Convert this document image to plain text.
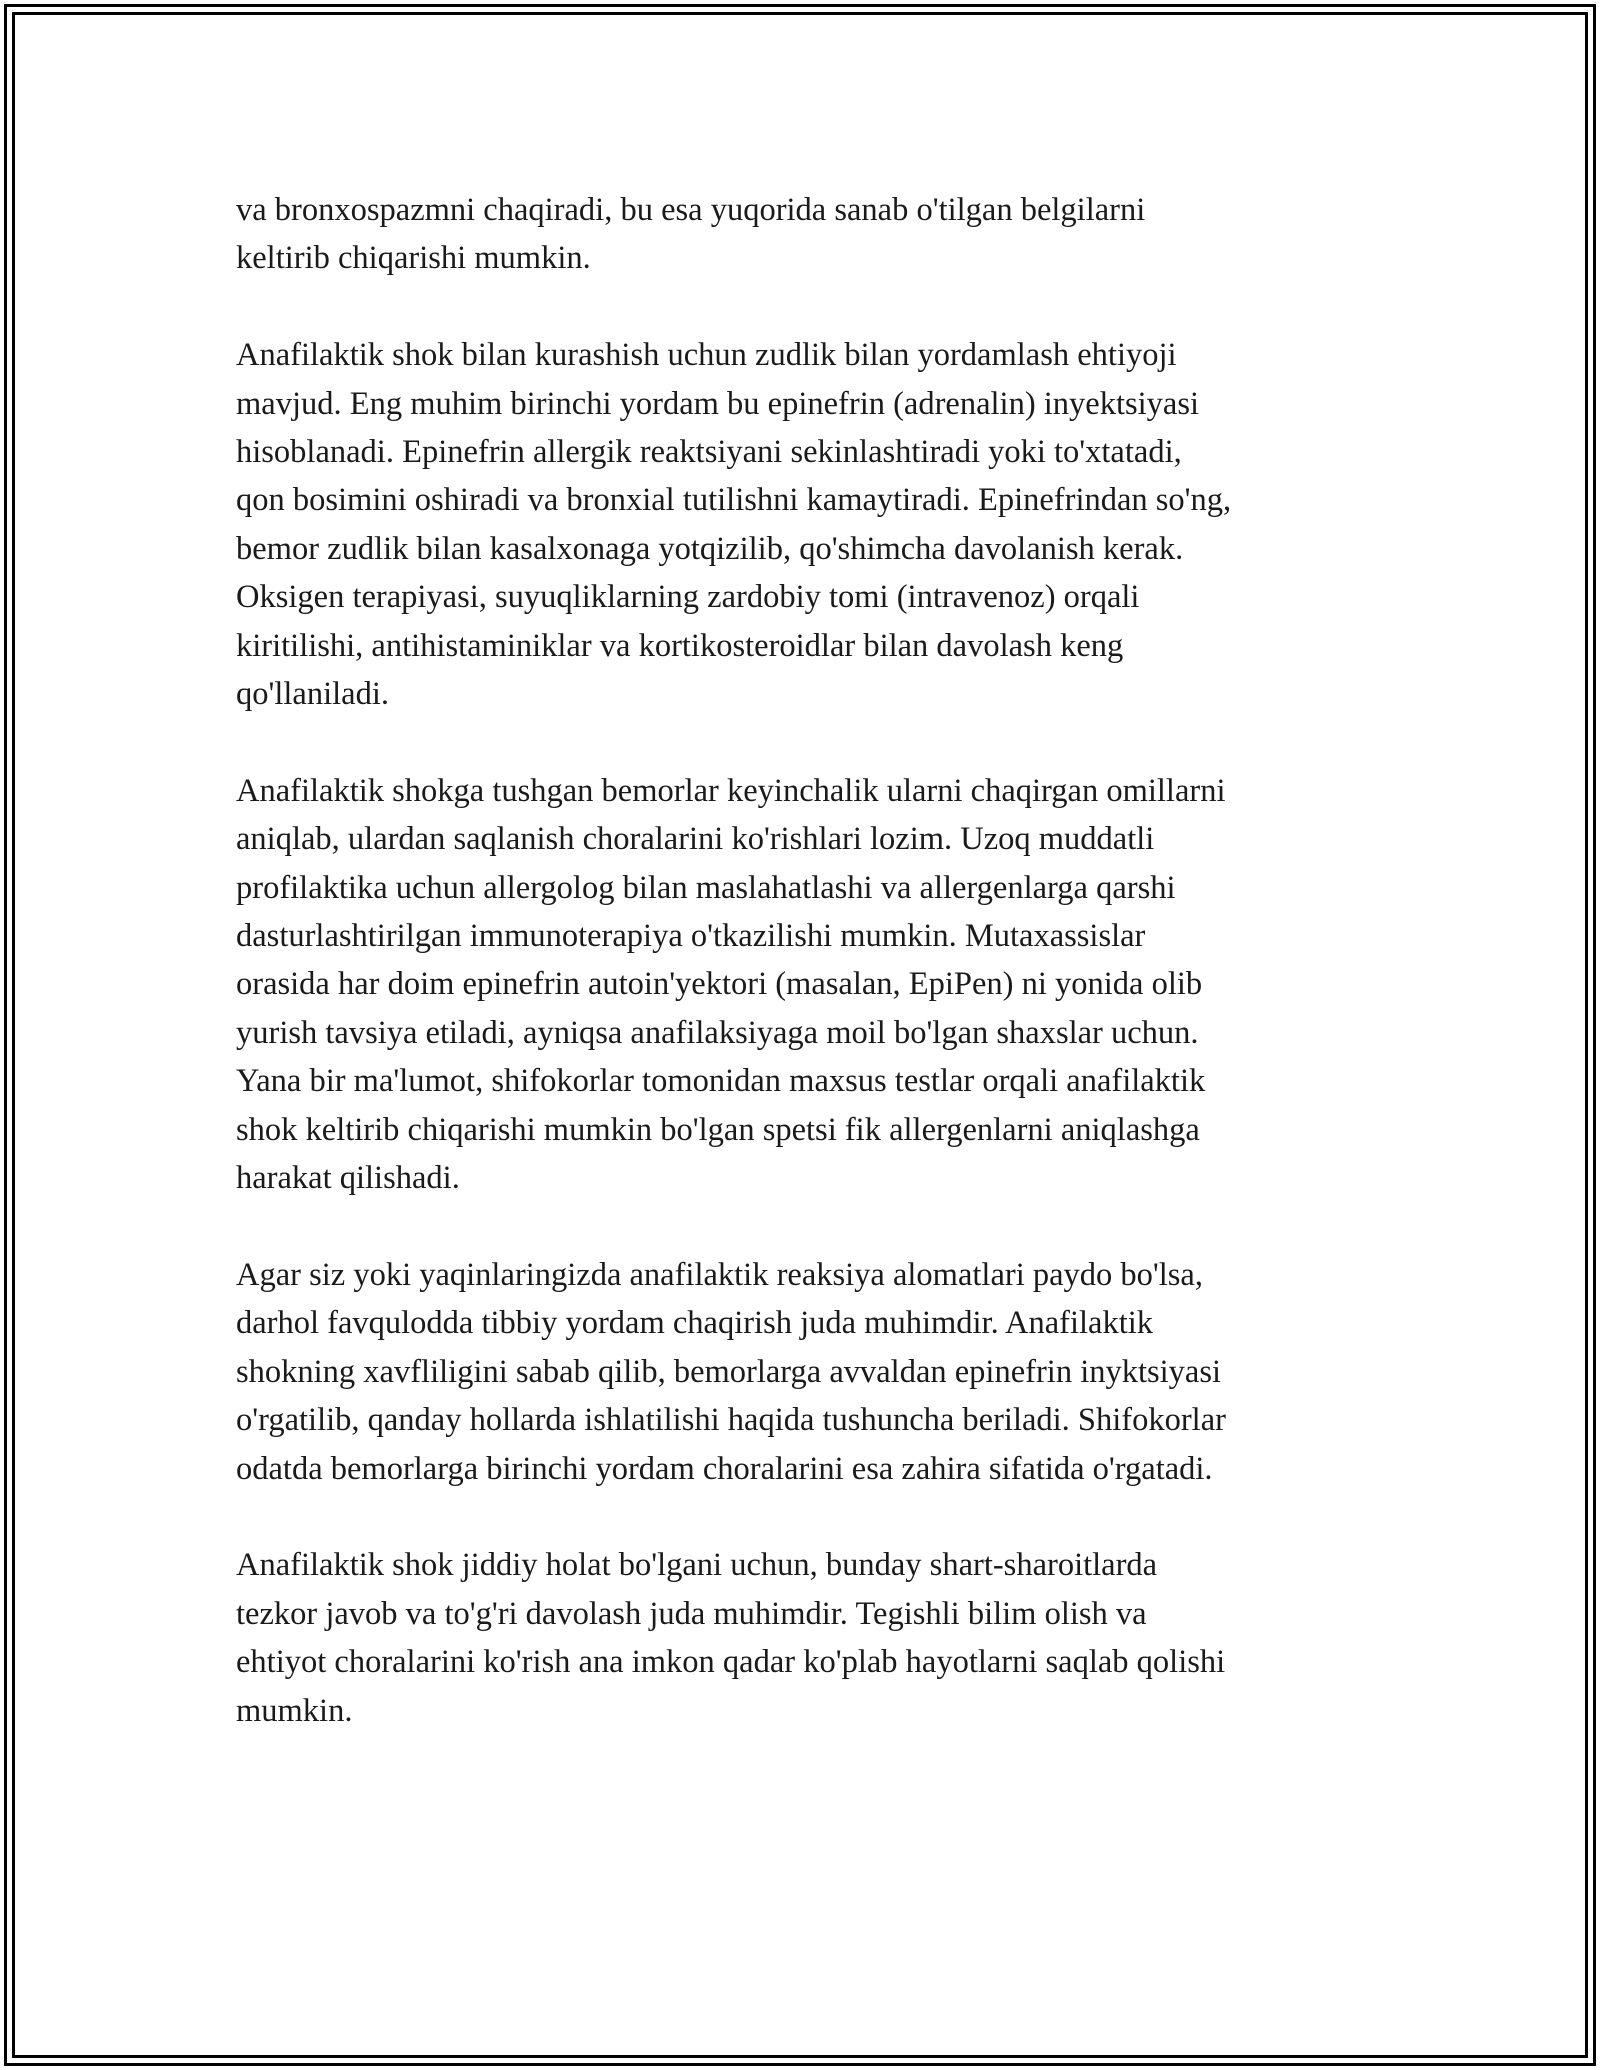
va bronxospazmni chaqiradi, bu esa yuqorida sanab o'tilgan belgilarni
keltirib chiqarishi mumkin.

Anafilaktik shok bilan kurashish uchun zudlik bilan yordamlash ehtiyoji
mavjud. Eng muhim birinchi yordam bu epinefrin (adrenalin) inyektsiyasi
hisoblanadi. Epinefrin allergik reaktsiyani sekinlashtiradi yoki to'xtatadi,
qon bosimini oshiradi va bronxial tutilishni kamaytiradi. Epinefrindan so'ng,
bemor zudlik bilan kasalxonaga yotqizilib, qo'shimcha davolanish kerak.
Oksigen terapiyasi, suyuqliklarning zardobiy tomi (intravenoz) orqali
kiritilishi, antihistaminiklar va kortikosteroidlar bilan davolash keng
qo'llaniladi.

Anafilaktik shokga tushgan bemorlar keyinchalik ularni chaqirgan omillarni
aniqlab, ulardan saqlanish choralarini ko'rishlari lozim. Uzoq muddatli
profilaktika uchun allergolog bilan maslahatlashi va allergenlarga qarshi
dasturlashtirilgan immunoterapiya o'tkazilishi mumkin. Mutaxassislar
orasida har doim epinefrin autoin'yektori (masalan, EpiPen) ni yonida olib
yurish tavsiya etiladi, ayniqsa anafilaksiyaga moil bo'lgan shaxslar uchun.
Yana bir ma'lumot, shifokorlar tomonidan maxsus testlar orqali anafilaktik
shok keltirib chiqarishi mumkin bo'lgan spetsi fik allergenlarni aniqlashga
harakat qilishadi.

Agar siz yoki yaqinlaringizda anafilaktik reaksiya alomatlari paydo bo'lsa,
darhol favqulodda tibbiy yordam chaqirish juda muhimdir. Anafilaktik
shokning xavfliligini sabab qilib, bemorlarga avvaldan epinefrin inyktsiyasi
o'rgatilib, qanday hollarda ishlatilishi haqida tushuncha beriladi. Shifokorlar
odatda bemorlarga birinchi yordam choralarini esa zahira sifatida o'rgatadi.

Anafilaktik shok jiddiy holat bo'lgani uchun, bunday shart-sharoitlarda
tezkor javob va to'g'ri davolash juda muhimdir. Tegishli bilim olish va
ehtiyot choralarini ko'rish ana imkon qadar ko'plab hayotlarni saqlab qolishi
mumkin.
